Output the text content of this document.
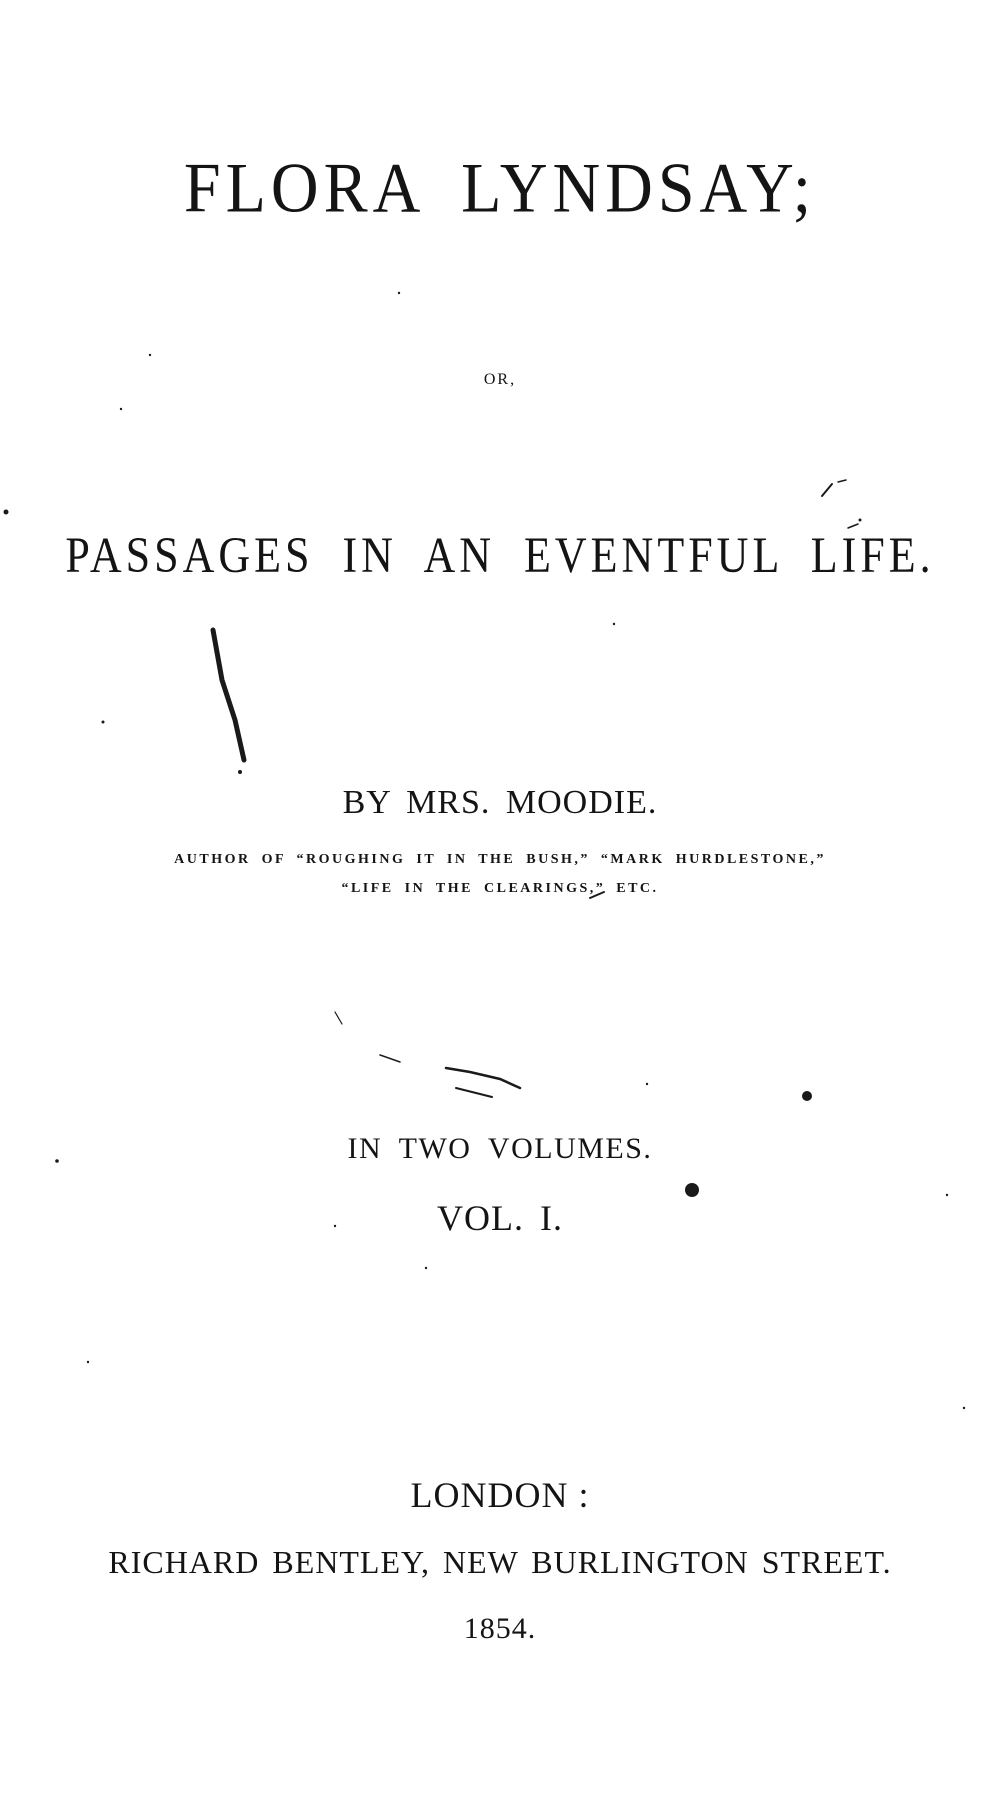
FLORA LYNDSAY;
OR,
PASSAGES IN AN EVENTFUL LIFE.
BY MRS. MOODIE.
AUTHOR OF “ROUGHING IT IN THE BUSH,” “MARK HURDLESTONE,”
“LIFE IN THE CLEARINGS,” ETC.
IN TWO VOLUMES.
VOL. I.
LONDON :
RICHARD BENTLEY, NEW BURLINGTON STREET.
1854.
